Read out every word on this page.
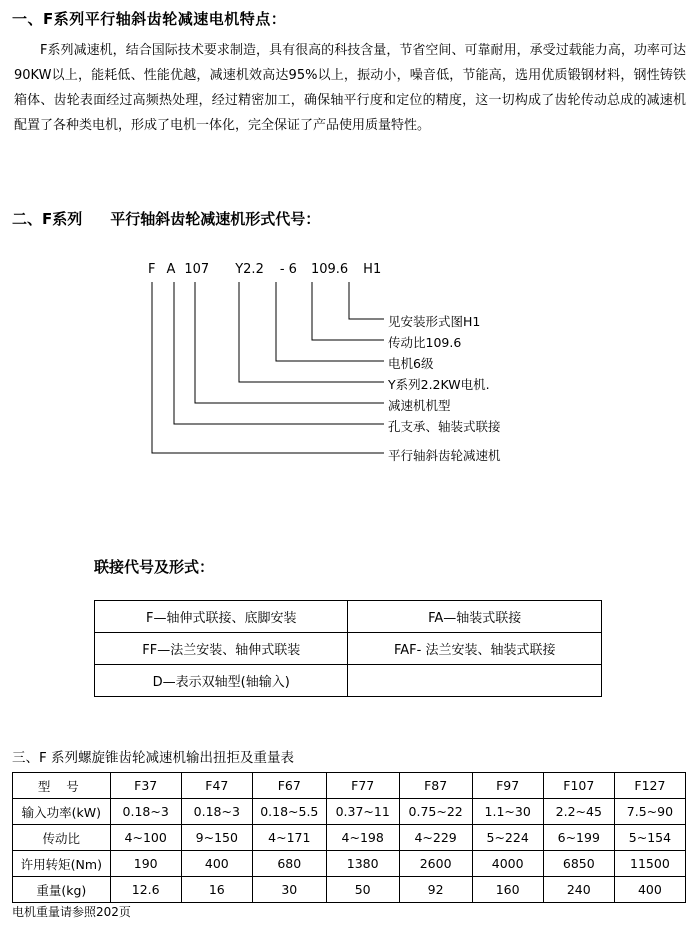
一、F系列平行轴斜齿轮减速电机特点：
F系列减速机，结合国际技术要求制造，具有很高的科技含量，节省空间、可靠耐用，承受过载能力高，功率可达90KW以上，能耗低、性能优越，减速机效高达95%以上，振动小，噪音低，节能高，选用优质锻钢材料，钢性铸铁箱体、齿轮表面经过高频热处理，经过精密加工，确保轴平行度和定位的精度，这一切构成了齿轮传动总成的减速机配置了各种类电机，形成了电机一体化，完全保证了产品使用质量特性。
二、F系列 平行轴斜齿轮减速机形式代号：
F A 107 Y2.2 - 6 109.6 H1
见安装形式图H1
传动比109.6
电机6级
Y系列2.2KW电机.
减速机机型
孔支承、轴装式联接
平行轴斜齿轮减速机
联接代号及形式：
F—轴伸式联接、底脚安装	FA—轴装式联接
FF—法兰安装、轴伸式联装	FAF- 法兰安装、轴装式联接
D—表示双轴型(轴输入)	
三、F 系列螺旋锥齿轮减速机输出扭拒及重量表
型 号	F37	F47	F67	F77	F87	F97	F107	F127
输入功率(kW)	0.18~3	0.18~3	0.18~5.5	0.37~11	0.75~22	1.1~30	2.2~45	7.5~90
传动比	4~100	9~150	4~171	4~198	4~229	5~224	6~199	5~154
许用转矩(Nm)	190	400	680	1380	2600	4000	6850	11500
重量(kg)	12.6	16	30	50	92	160	240	400
电机重量请参照202页
